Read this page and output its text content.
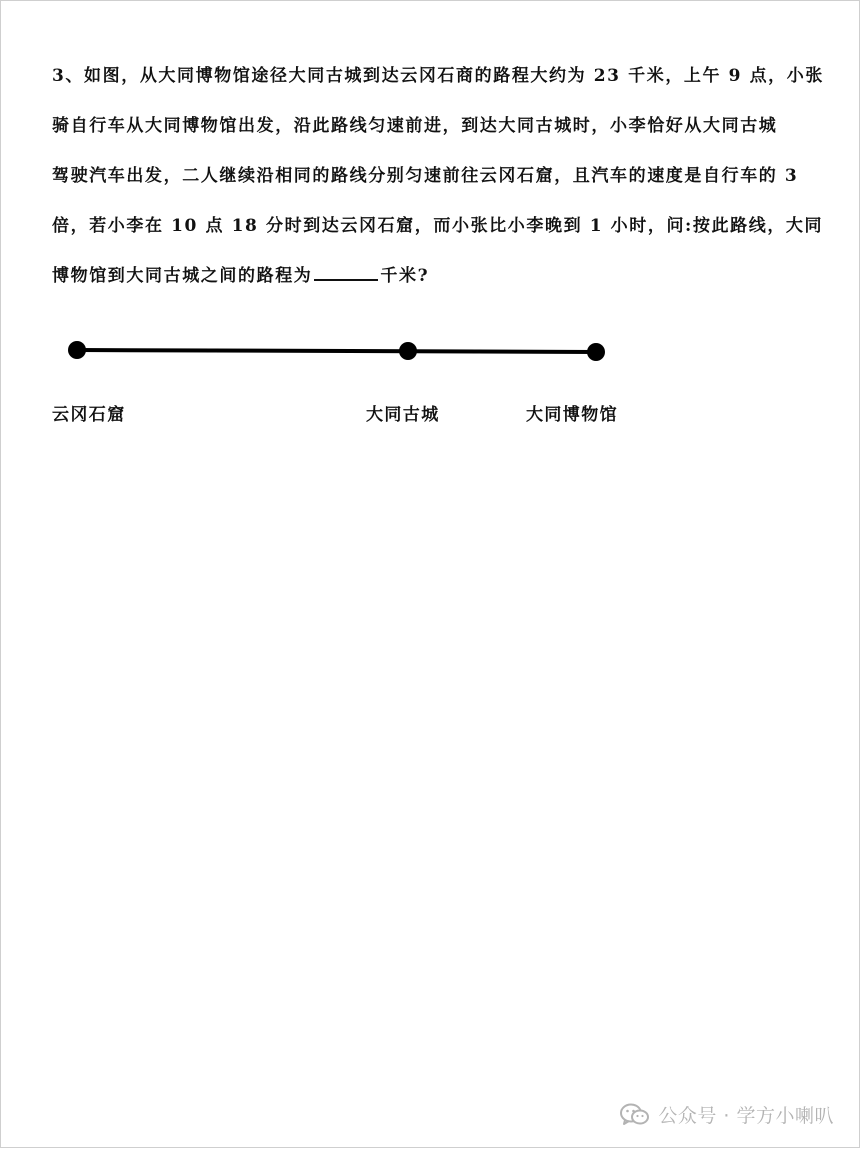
3、如图，从大同博物馆途径大同古城到达云冈石商的路程大约为 23 千米，上午 9 点，小张

骑自行车从大同博物馆出发，沿此路线匀速前进，到达大同古城时，小李恰好从大同古城

驾驶汽车出发，二人继续沿相同的路线分别匀速前往云冈石窟，且汽车的速度是自行车的 3

倍，若小李在 10 点 18 分时到达云冈石窟，而小张比小李晚到 1 小时，问:按此路线，大同

博物馆到大同古城之间的路程为	千米?

云冈石窟	大同古城	大同博物馆
公众号 · 学方小喇叭
